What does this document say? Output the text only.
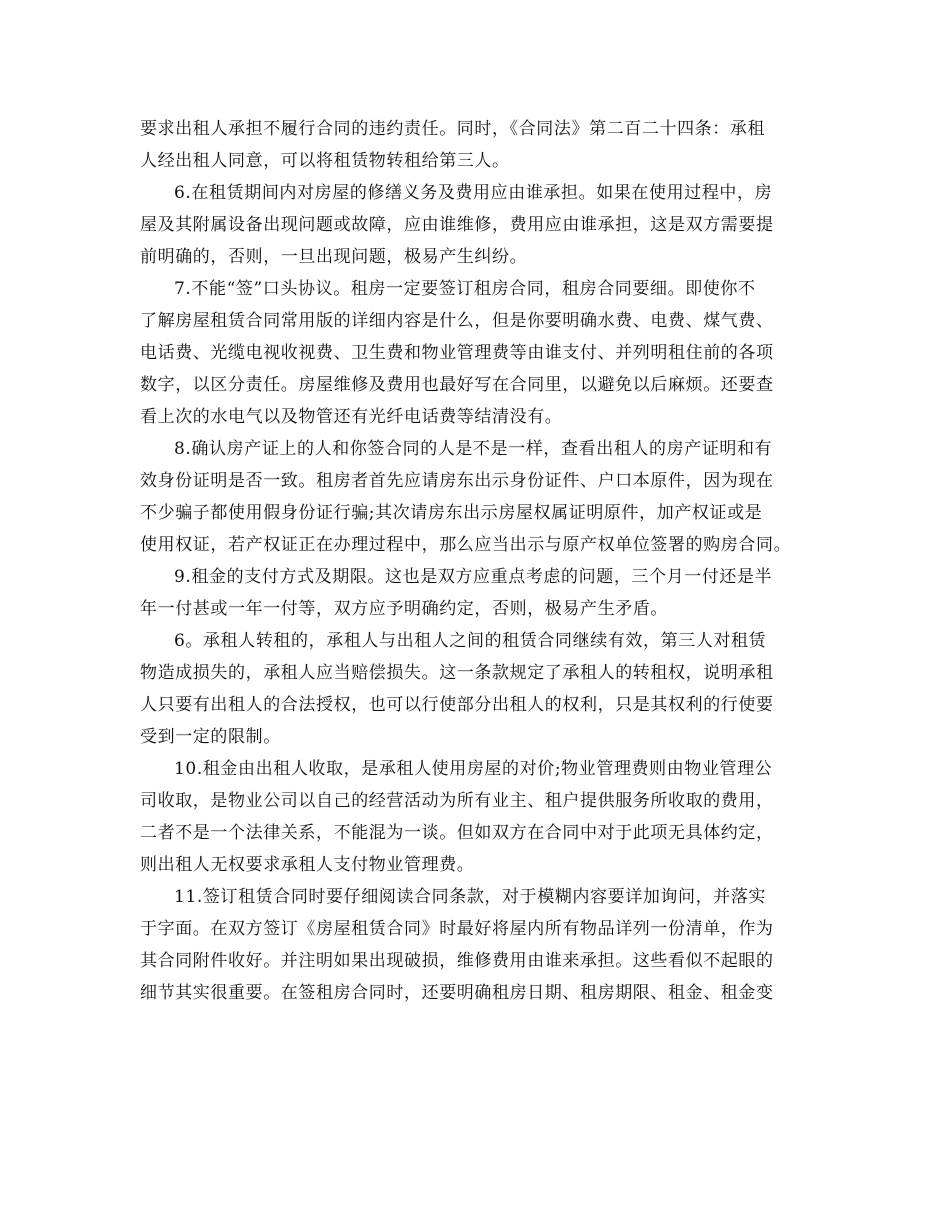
要求出租人承担不履行合同的违约责任。同时，《合同法》第二百二十四条：承租
人经出租人同意，可以将租赁物转租给第三人。
6.在租赁期间内对房屋的修缮义务及费用应由谁承担。如果在使用过程中，房
屋及其附属设备出现问题或故障，应由谁维修，费用应由谁承担，这是双方需要提
前明确的，否则，一旦出现问题，极易产生纠纷。
7.不能“签”口头协议。租房一定要签订租房合同，租房合同要细。即使你不
了解房屋租赁合同常用版的详细内容是什么，但是你要明确水费、电费、煤气费、
电话费、光缆电视收视费、卫生费和物业管理费等由谁支付、并列明租住前的各项
数字，以区分责任。房屋维修及费用也最好写在合同里，以避免以后麻烦。还要查
看上次的水电气以及物管还有光纤电话费等结清没有。
8.确认房产证上的人和你签合同的人是不是一样，查看出租人的房产证明和有
效身份证明是否一致。租房者首先应请房东出示身份证件、户口本原件，因为现在
不少骗子都使用假身份证行骗;其次请房东出示房屋权属证明原件，加产权证或是
使用权证，若产权证正在办理过程中，那么应当出示与原产权单位签署的购房合同。
9.租金的支付方式及期限。这也是双方应重点考虑的问题，三个月一付还是半
年一付甚或一年一付等，双方应予明确约定，否则，极易产生矛盾。
6。承租人转租的，承租人与出租人之间的租赁合同继续有效，第三人对租赁
物造成损失的，承租人应当赔偿损失。这一条款规定了承租人的转租权，说明承租
人只要有出租人的合法授权，也可以行使部分出租人的权利，只是其权利的行使要
受到一定的限制。
10.租金由出租人收取，是承租人使用房屋的对价;物业管理费则由物业管理公
司收取，是物业公司以自己的经营活动为所有业主、租户提供服务所收取的费用，
二者不是一个法律关系，不能混为一谈。但如双方在合同中对于此项无具体约定，
则出租人无权要求承租人支付物业管理费。
11.签订租赁合同时要仔细阅读合同条款，对于模糊内容要详加询问，并落实
于字面。在双方签订《房屋租赁合同》时最好将屋内所有物品详列一份清单，作为
其合同附件收好。并注明如果出现破损，维修费用由谁来承担。这些看似不起眼的
细节其实很重要。在签租房合同时，还要明确租房日期、租房期限、租金、租金变
